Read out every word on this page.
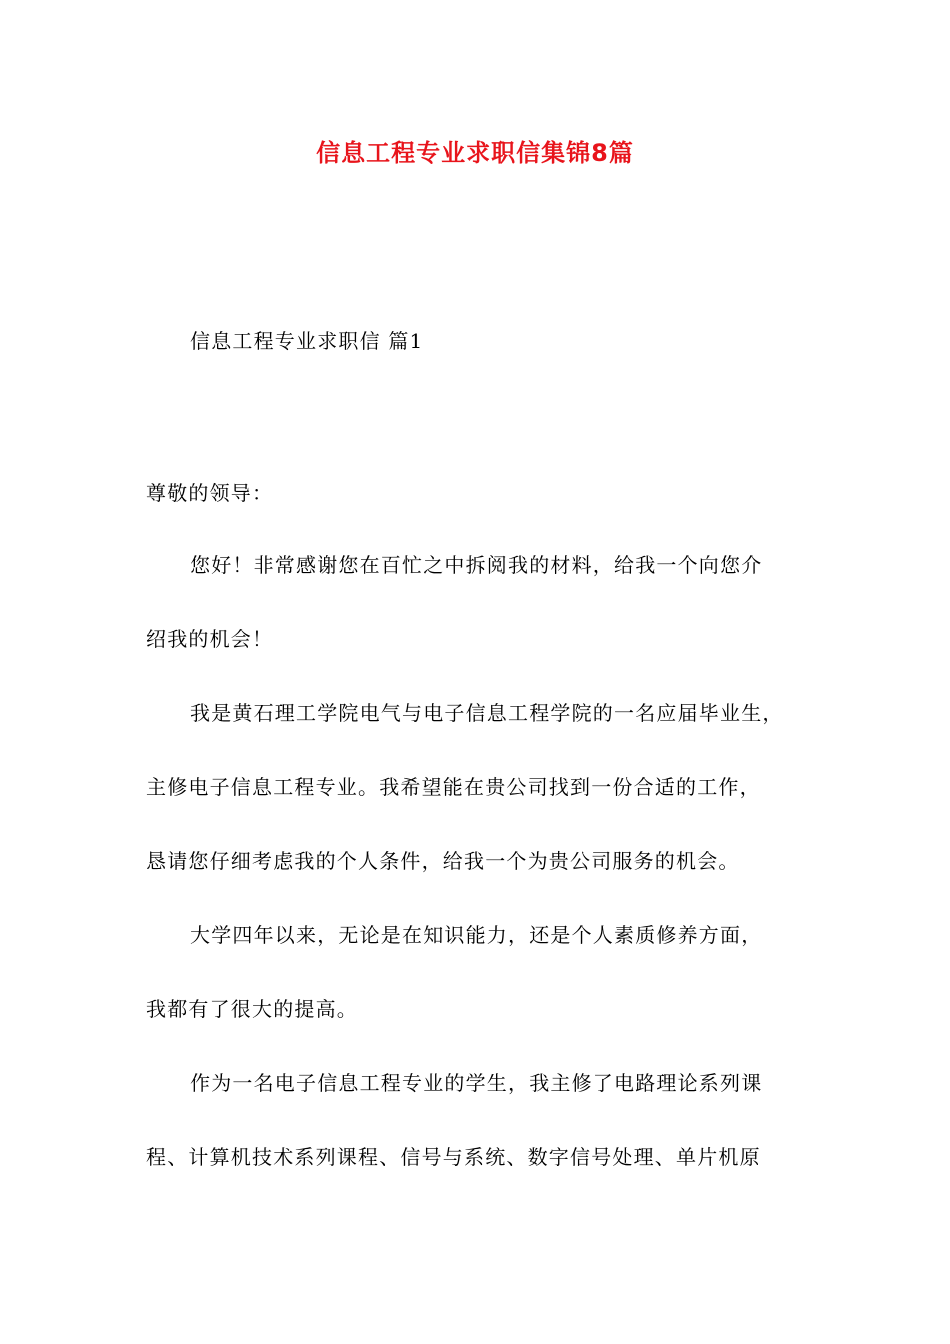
信息工程专业求职信集锦8篇
信息工程专业求职信 篇1
尊敬的领导：
您好！非常感谢您在百忙之中拆阅我的材料，给我一个向您介
绍我的机会！
我是黄石理工学院电气与电子信息工程学院的一名应届毕业生，
主修电子信息工程专业。我希望能在贵公司找到一份合适的工作，
恳请您仔细考虑我的个人条件，给我一个为贵公司服务的机会。
大学四年以来，无论是在知识能力，还是个人素质修养方面，
我都有了很大的提高。
作为一名电子信息工程专业的学生，我主修了电路理论系列课
程、计算机技术系列课程、信号与系统、数字信号处理、单片机原
